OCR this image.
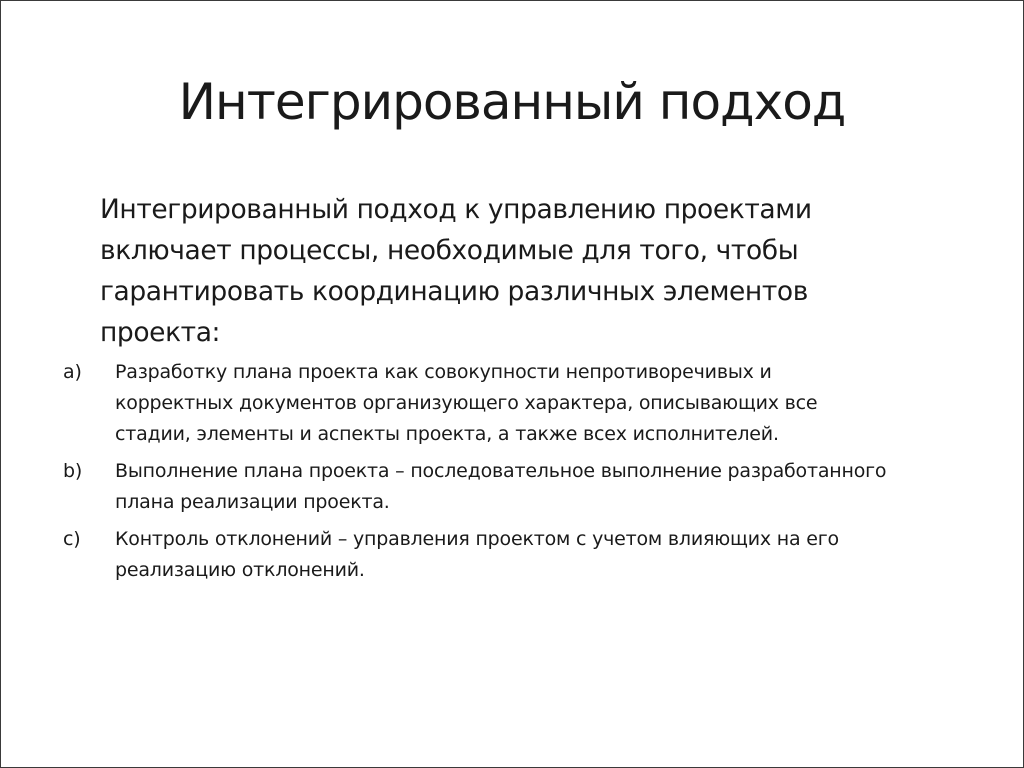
Интегрированный подход

Интегрированный подход к управлению проектами
включает процессы, необходимые для того, чтобы
гарантировать координацию различных элементов
проекта:

a) Разработку плана проекта как совокупности непротиворечивых и
корректных документов организующего характера, описывающих все
стадии, элементы и аспекты проекта, а также всех исполнителей.
b) Выполнение плана проекта – последовательное выполнение разработанного
плана реализации проекта.
c) Контроль отклонений – управления проектом с учетом влияющих на его
реализацию отклонений.
